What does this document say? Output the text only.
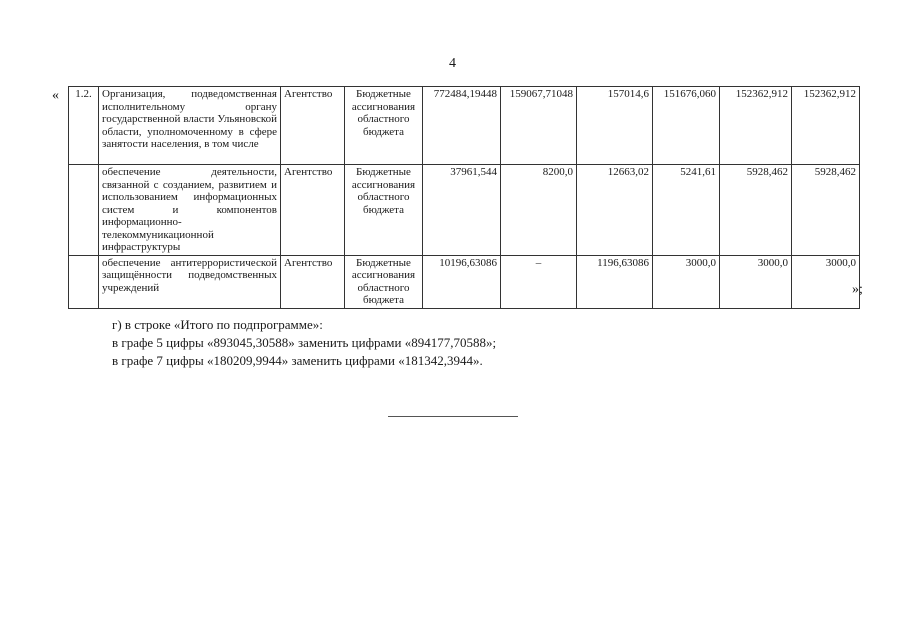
4
« 1.2.	Организация, подведомственная исполнительному органу государственной власти Ульяновской области, уполномоченному в сфере занятости населения, в том числе	Агентство	Бюджетные ассигнования областного бюджета	772484,19448	159067,71048	157014,6	151676,060	152362,912	152362,912
	обеспечение деятельности, связанной с созданием, развитием и использованием информационных систем и компонентов информационно-телекоммуникационной инфраструктуры	Агентство	Бюджетные ассигнования областного бюджета	37961,544	8200,0	12663,02	5241,61	5928,462	5928,462
	обеспечение антитеррористической защищённости подведомственных учреждений	Агентство	Бюджетные ассигнования областного бюджета	10196,63086	–	1196,63086	3000,0	3000,0	3000,0
»;

г) в строке «Итого по подпрограмме»:

в графе 5 цифры «893045,30588» заменить цифрами «894177,70588»;

в графе 7 цифры «180209,9944» заменить цифрами «181342,3944».
